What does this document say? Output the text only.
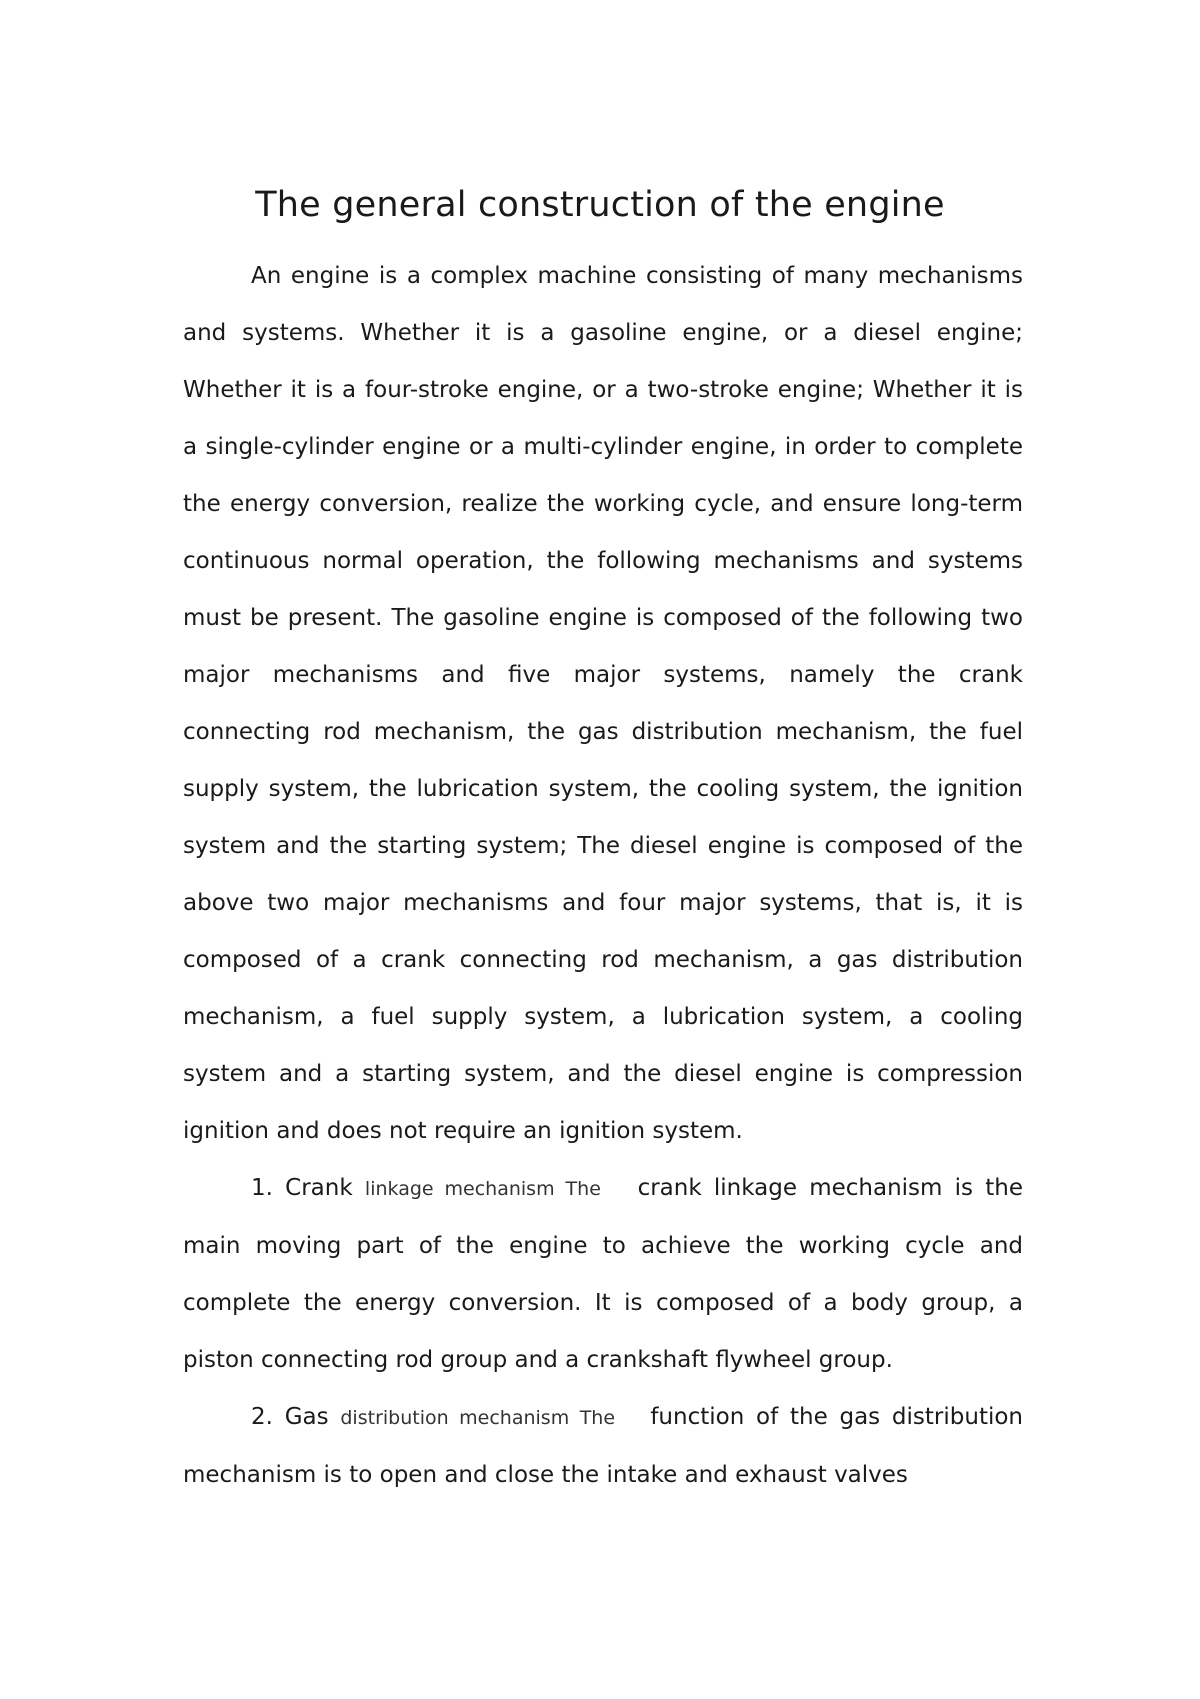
The general construction of the engine

An engine is a complex machine consisting of many mechanisms and systems. Whether it is a gasoline engine, or a diesel engine; Whether it is a four-stroke engine, or a two-stroke engine; Whether it is a single-cylinder engine or a multi-cylinder engine, in order to complete the energy conversion, realize the working cycle, and ensure long-term continuous normal operation, the following mechanisms and systems must be present. The gasoline engine is composed of the following two major mechanisms and five major systems, namely the crank connecting rod mechanism, the gas distribution mechanism, the fuel supply system, the lubrication system, the cooling system, the ignition system and the starting system; The diesel engine is composed of the above two major mechanisms and four major systems, that is, it is composed of a crank connecting rod mechanism, a gas distribution mechanism, a fuel supply system, a lubrication system, a cooling system and a starting system, and the diesel engine is compression ignition and does not require an ignition system.

1. Crank linkage mechanism The crank linkage mechanism is the main moving part of the engine to achieve the working cycle and complete the energy conversion. It is composed of a body group, a piston connecting rod group and a crankshaft flywheel group.

2. Gas distribution mechanism The function of the gas distribution mechanism is to open and close the intake and exhaust valves
